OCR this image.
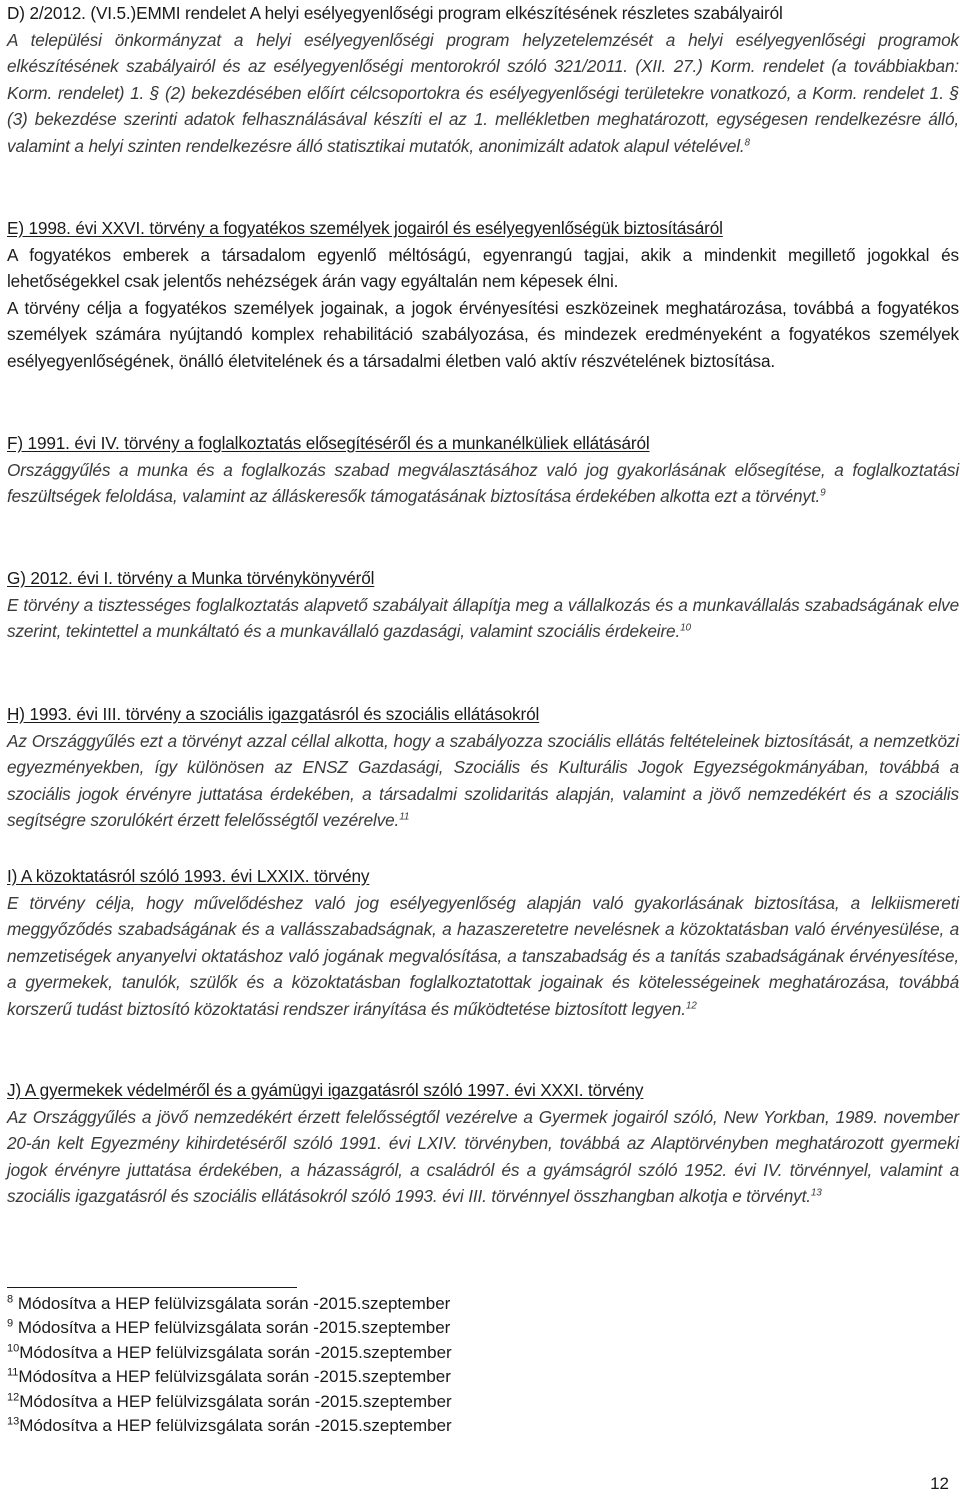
D) 2/2012. (VI.5.)EMMI rendelet A helyi esélyegyenlőségi program elkészítésének részletes szabályairól

A települési önkormányzat a helyi esélyegyenlőségi program helyzetelemzését a helyi esélyegyenlőségi programok elkészítésének szabályairól és az esélyegyenlőségi mentorokról szóló 321/2011. (XII. 27.) Korm. rendelet (a továbbiakban: Korm. rendelet) 1. § (2) bekezdésében előírt célcsoportokra és esélyegyenlőségi területekre vonatkozó, a Korm. rendelet 1. § (3) bekezdése szerinti adatok felhasználásával készíti el az 1. mellékletben meghatározott, egységesen rendelkezésre álló, valamint a helyi szinten rendelkezésre álló statisztikai mutatók, anonimizált adatok alapul vételével.$^8$

E) 1998. évi XXVI. törvény a fogyatékos személyek jogairól és esélyegyenlőségük biztosításáról

A fogyatékos emberek a társadalom egyenlő méltóságú, egyenrangú tagjai, akik a mindenkit megillető jogokkal és lehetőségekkel csak jelentős nehézségek árán vagy egyáltalán nem képesek élni.

A törvény célja a fogyatékos személyek jogainak, a jogok érvényesítési eszközeinek meghatározása, továbbá a fogyatékos személyek számára nyújtandó komplex rehabilitáció szabályozása, és mindezek eredményeként a fogyatékos személyek esélyegyenlőségének, önálló életvitelének és a társadalmi életben való aktív részvételének biztosítása.

F) 1991. évi IV. törvény a foglalkoztatás elősegítéséről és a munkanélküliek ellátásáról

Országgyűlés a munka és a foglalkozás szabad megválasztásához való jog gyakorlásának elősegítése, a foglalkoztatási feszültségek feloldása, valamint az álláskeresők támogatásának biztosítása érdekében alkotta ezt a törvényt.$^9$

G) 2012. évi I. törvény a Munka törvénykönyvéről

E törvény a tisztességes foglalkoztatás alapvető szabályait állapítja meg a vállalkozás és a munkavállalás szabadságának elve szerint, tekintettel a munkáltató és a munkavállaló gazdasági, valamint szociális érdekeire.$^{10}$

H) 1993. évi III. törvény a szociális igazgatásról és szociális ellátásokról

Az Országgyűlés ezt a törvényt azzal céllal alkotta, hogy a szabályozza szociális ellátás feltételeinek biztosítását, a nemzetközi egyezményekben, így különösen az ENSZ Gazdasági, Szociális és Kulturális Jogok Egyezségokmányában, továbbá a szociális jogok érvényre juttatása érdekében, a társadalmi szolidaritás alapján, valamint a jövő nemzedékért és a szociális segítségre szorulókért érzett felelősségtől vezérelve.$^{11}$

I) A közoktatásról szóló 1993. évi LXXIX. törvény

E törvény célja, hogy művelődéshez való jog esélyegyenlőség alapján való gyakorlásának biztosítása, a lelkiismereti meggyőződés szabadságának és a vallásszabadságnak, a hazaszeretetre nevelésnek a közoktatásban való érvényesülése, a nemzetiségek anyanyelvi oktatáshoz való jogának megvalósítása, a tanszabadság és a tanítás szabadságának érvényesítése, a gyermekek, tanulók, szülők és a közoktatásban foglalkoztatottak jogainak és kötelességeinek meghatározása, továbbá korszerű tudást biztosító közoktatási rendszer irányítása és működtetése biztosított legyen.$^{12}$

J) A gyermekek védelméről és a gyámügyi igazgatásról szóló 1997. évi XXXI. törvény

Az Országgyűlés a jövő nemzedékért érzett felelősségtől vezérelve a Gyermek jogairól szóló, New Yorkban, 1989. november 20-án kelt Egyezmény kihirdetéséről szóló 1991. évi LXIV. törvényben, továbbá az Alaptörvényben meghatározott gyermeki jogok érvényre juttatása érdekében, a házasságról, a családról és a gyámságról szóló 1952. évi IV. törvénnyel, valamint a szociális igazgatásról és szociális ellátásokról szóló 1993. évi III. törvénnyel összhangban alkotja e törvényt.$^{13}$

$^8$ Módosítva a HEP felülvizsgálata során -2015.szeptember
$^9$ Módosítva a HEP felülvizsgálata során -2015.szeptember
$^{10}$Módosítva a HEP felülvizsgálata során -2015.szeptember
$^{11}$Módosítva a HEP felülvizsgálata során -2015.szeptember
$^{12}$Módosítva a HEP felülvizsgálata során -2015.szeptember
$^{13}$Módosítva a HEP felülvizsgálata során -2015.szeptember
12
